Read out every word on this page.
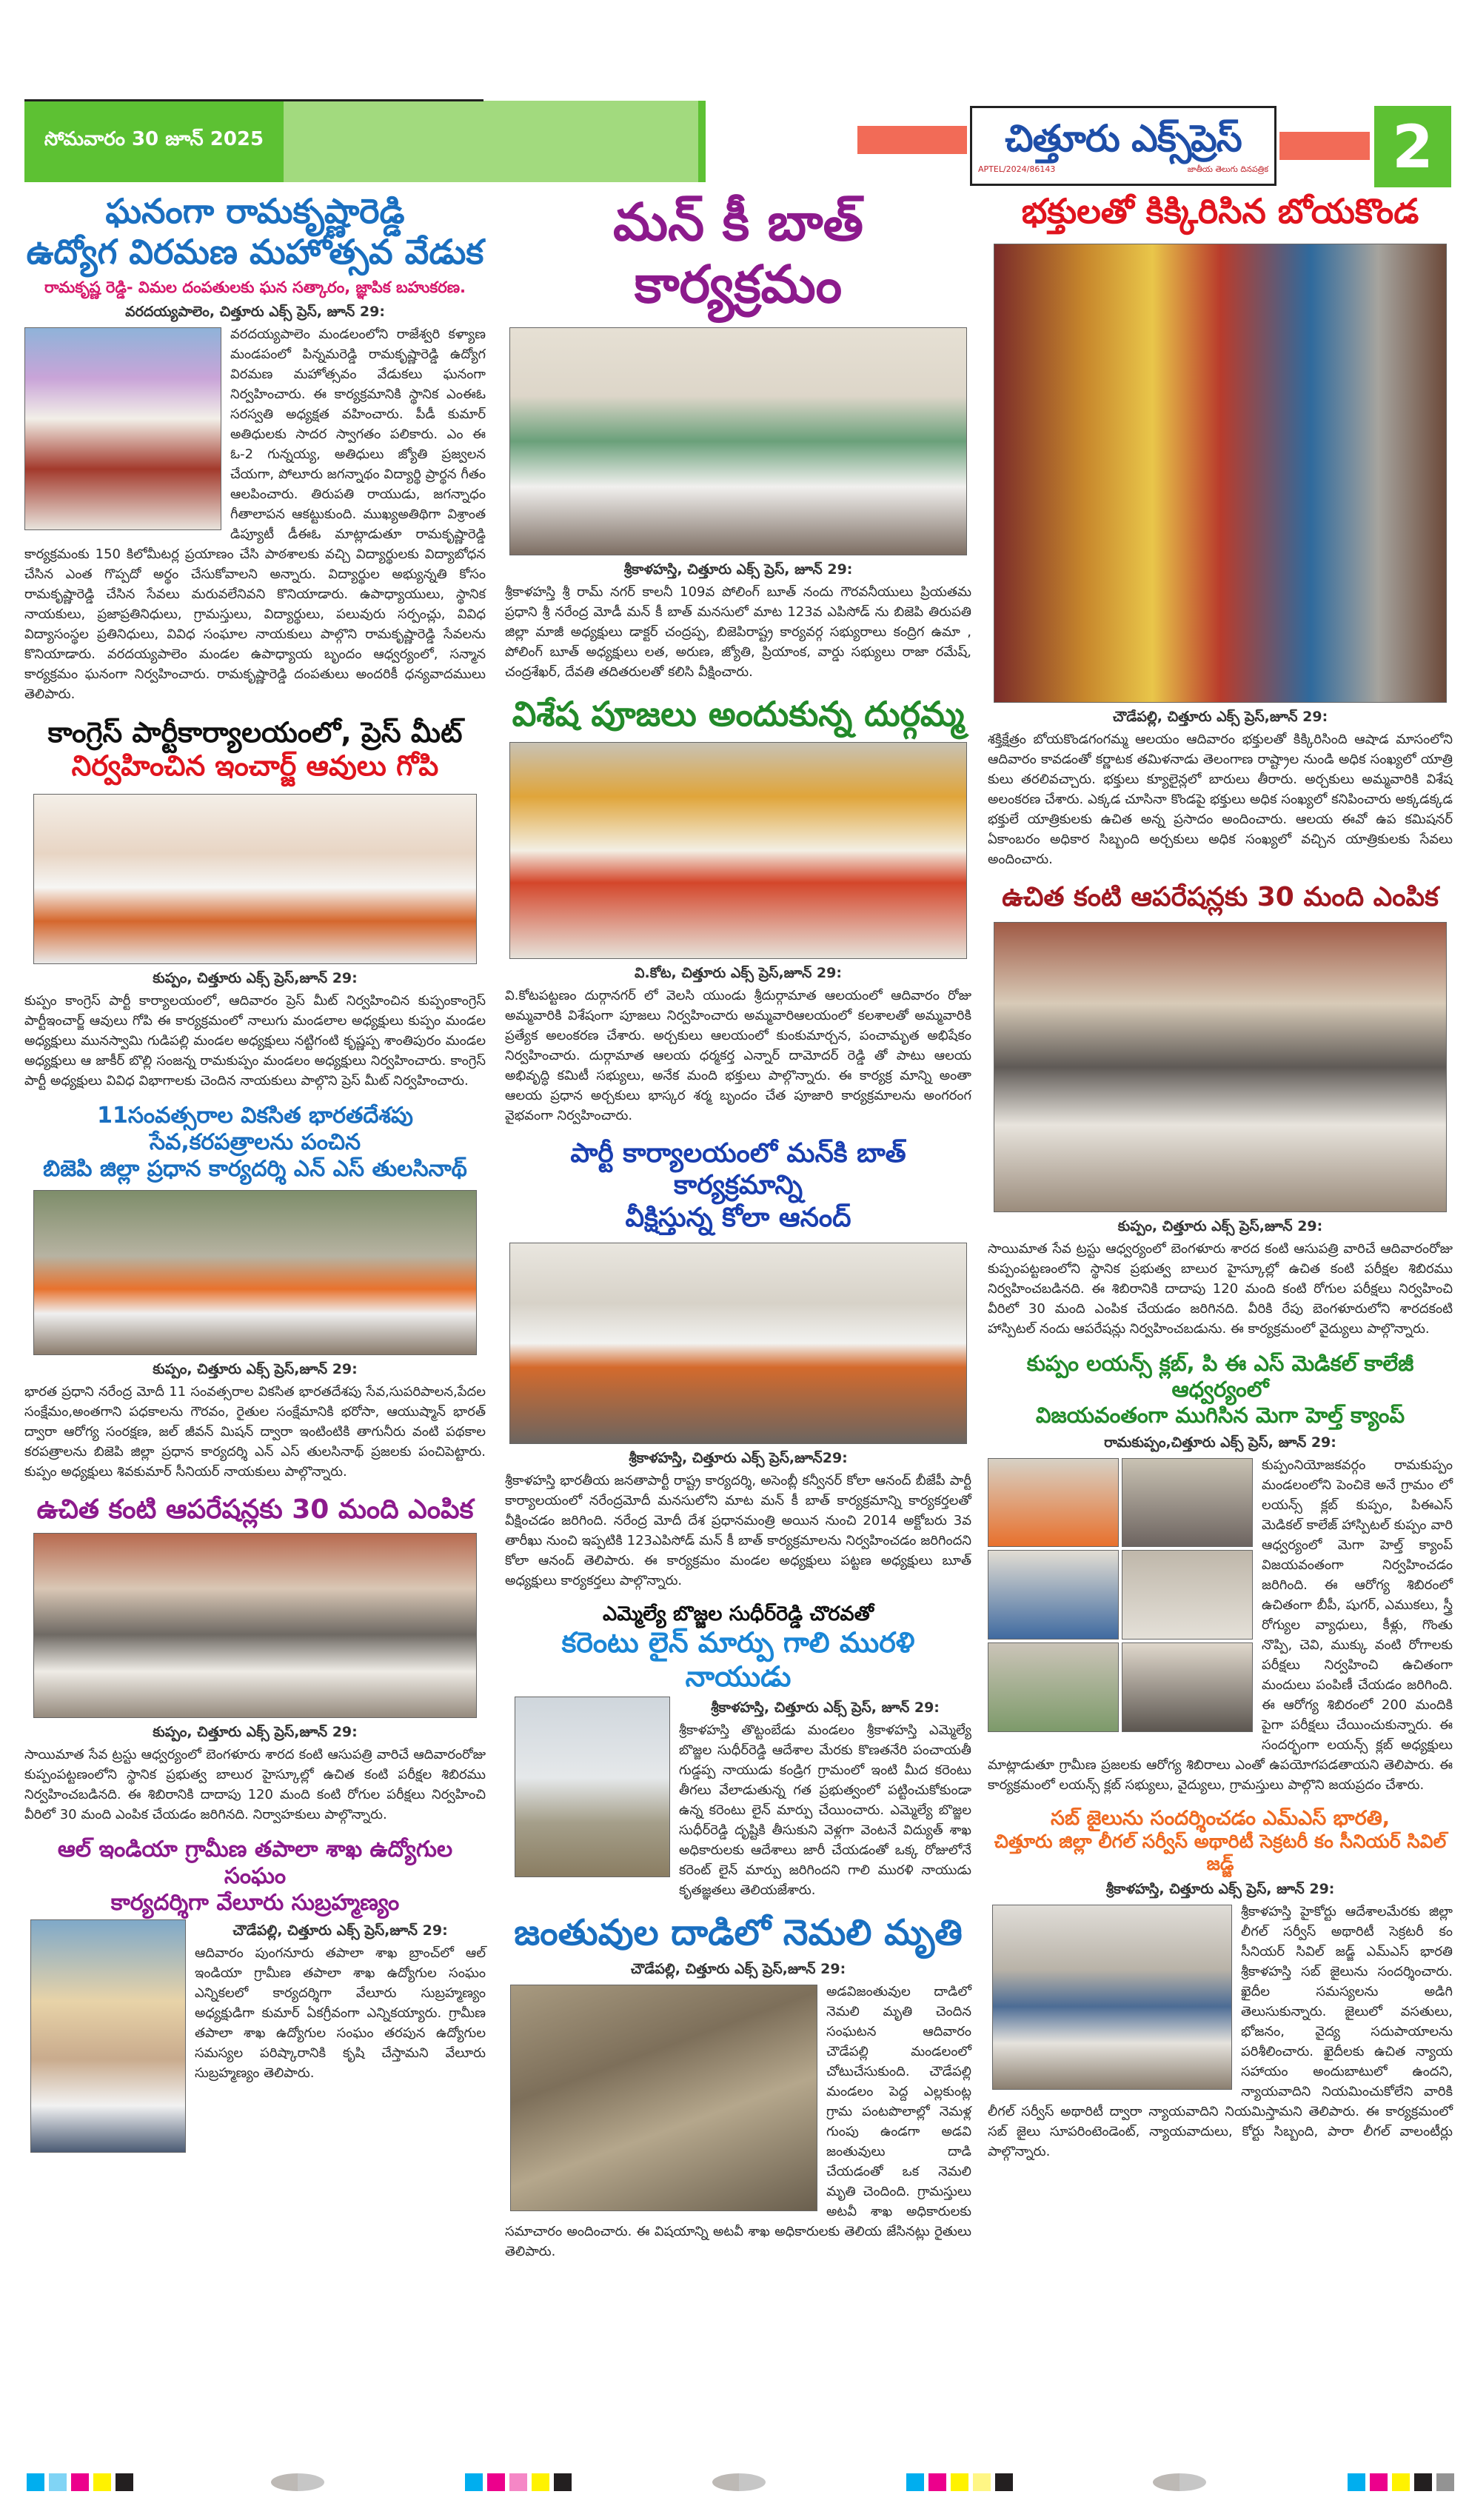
సోమవారం 30 జూన్ 2025	చిత్తూరు ఎక్స్‌ప్రెస్
APTEL/2024/86143	జాతీయ తెలుగు దినపత్రిక 2
ఘనంగా రామకృష్ణారెడ్డి
ఉద్యోగ విరమణ మహోత్సవ వేడుక
రామకృష్ణ రెడ్డి- విమల దంపతులకు ఘన సత్కారం, జ్ఞాపిక బహుకరణ.
వరదయ్యపాలెం, చిత్తూరు ఎక్స్ ప్రెస్, జూన్ 29:
వరదయ్యపాలెం మండలంలోని రాజేశ్వరి కళ్యాణ మండపంలో పిన్నమరెడ్డి రామకృష్ణారెడ్డి ఉద్యోగ విరమణ మహోత్సవం వేడుకలు ఘనంగా నిర్వహించారు. ఈ కార్యక్రమానికి స్థానిక ఎంఈఓ సరస్వతి అధ్యక్షత వహించారు. పీడీ కుమార్ అతిధులకు సాదర స్వాగతం పలికారు. ఎం ఈ ఓ-2 గున్నయ్య, అతిధులు జ్యోతి ప్రజ్వలన చేయగా, పోలూరు జగన్నాథం విద్యార్థి ప్రార్థన గీతం ఆలపించారు. తిరుపతి రాయుడు, జగన్నాధం గీతాలాపన ఆకట్టుకుంది. ముఖ్యఅతిథిగా విశ్రాంత డిప్యూటీ డీఈఓ మాట్లాడుతూ రామకృష్ణారెడ్డి కార్యక్రమంకు 150 కిలోమీటర్ల ప్రయాణం చేసి పాఠశాలకు వచ్చి విద్యార్థులకు విద్యాబోధన చేసిన ఎంత గొప్పదో అర్థం చేసుకోవాలని అన్నారు. విద్యార్థుల అభ్యున్నతి కోసం రామకృష్ణారెడ్డి చేసిన సేవలు మరువలేనివని కొనియాడారు. ఉపాధ్యాయులు, స్థానిక నాయకులు, ప్రజాప్రతినిధులు, గ్రామస్తులు, విద్యార్థులు, పలువురు సర్పంచ్లు, వివిధ విద్యాసంస్థల ప్రతినిధులు, వివిధ సంఘాల నాయకులు పాల్గొని రామకృష్ణారెడ్డి సేవలను కొనియాడారు. వరదయ్యపాలెం మండల ఉపాధ్యాయ బృందం ఆధ్వర్యంలో, సన్మాన కార్యక్రమం ఘనంగా నిర్వహించారు. రామకృష్ణారెడ్డి దంపతులు అందరికీ ధన్యవాదములు తెలిపారు.
కాంగ్రెస్ పార్టీకార్యాలయంలో, ప్రెస్ మీట్
నిర్వహించిన ఇంచార్జ్ ఆవులు గోపి
కుప్పం, చిత్తూరు ఎక్స్ ప్రెస్,జూన్ 29:
కుప్పం కాంగ్రెస్ పార్టీ కార్యాలయంలో, ఆదివారం ప్రెస్ మీట్ నిర్వహించిన కుప్పంకాంగ్రెస్ పార్టీఇంచార్జ్ ఆవులు గోపి ఈ కార్యక్రమంలో నాలుగు మండలాల అధ్యక్షులు కుప్పం మండల అధ్యక్షులు మునస్వామి గుడిపల్లి మండల అధ్యక్షులు నట్టిగంటి కృష్ణప్ప శాంతిపురం మండల అధ్యక్షులు ఆ జాకీర్ బొల్లి సంజన్న రామకుప్పం మండలం అధ్యక్షులు నిర్వహించారు. కాంగ్రెస్ పార్టీ అధ్యక్షులు వివిధ విభాగాలకు చెందిన నాయకులు పాల్గొని ప్రెస్ మీట్ నిర్వహించారు.
11సంవత్సరాల వికసిత భారతదేశపు
సేవ,కరపత్రాలను పంచిన
బిజెపి జిల్లా ప్రధాన కార్యదర్శి ఎన్ ఎస్ తులసినాథ్
కుప్పం, చిత్తూరు ఎక్స్ ప్రెస్,జూన్ 29:
భారత ప్రధాని నరేంద్ర మోదీ 11 సంవత్సరాల వికసిత భారతదేశపు సేవ,సుపరిపాలన,పేదల సంక్షేమం,అంతగాని పధకాలను గౌరవం, రైతుల సంక్షేమానికి భరోసా, ఆయుష్మాన్ భారత్ ద్వారా ఆరోగ్య సంరక్షణ, జల్ జీవన్ మిషన్ ద్వారా ఇంటింటికి తాగునీరు వంటి పథకాల కరపత్రాలను బిజెపి జిల్లా ప్రధాన కార్యదర్శి ఎన్ ఎస్ తులసినాథ్ ప్రజలకు పంచిపెట్టారు. కుప్పం అధ్యక్షులు శివకుమార్ సీనియర్ నాయకులు పాల్గొన్నారు.
ఉచిత కంటి ఆపరేషన్లకు 30 మంది ఎంపిక
కుప్పం, చిత్తూరు ఎక్స్ ప్రెస్,జూన్ 29:
సాయిమాత సేవ ట్రస్టు ఆధ్వర్యంలో బెంగళూరు శారద కంటి ఆసుపత్రి వారిచే ఆదివారంరోజు కుప్పంపట్టణంలోని స్థానిక ప్రభుత్వ బాలుర హైస్కూల్లో ఉచిత కంటి పరీక్షల శిబిరము నిర్వహించబడినది. ఈ శిబిరానికి దాదాపు 120 మంది కంటి రోగుల పరీక్షలు నిర్వహించి వీరిలో 30 మంది ఎంపిక చేయడం జరిగినది. నిర్వాహకులు పాల్గొన్నారు.
ఆల్ ఇండియా గ్రామీణ తపాలా శాఖ ఉద్యోగుల సంఘం
కార్యదర్శిగా వేలూరు సుబ్రహ్మణ్యం
చౌడేపల్లి, చిత్తూరు ఎక్స్ ప్రెస్,జూన్ 29:
ఆదివారం పుంగనూరు తపాలా శాఖ బ్రాంచ్‌లో ఆల్ ఇండియా గ్రామీణ తపాలా శాఖ ఉద్యోగుల సంఘం ఎన్నికలలో కార్యదర్శిగా వేలూరు సుబ్రహ్మణ్యం అధ్యక్షుడిగా కుమార్ ఏకగ్రీవంగా ఎన్నికయ్యారు. గ్రామీణ తపాలా శాఖ ఉద్యోగుల సంఘం తరపున ఉద్యోగుల సమస్యల పరిష్కారానికి కృషి చేస్తామని వేలూరు సుబ్రహ్మణ్యం తెలిపారు.
మన్ కీ బాత్ కార్యక్రమం
శ్రీకాళహస్తి, చిత్తూరు ఎక్స్ ప్రెస్, జూన్ 29:
శ్రీకాళహస్తి శ్రీ రామ్ నగర్ కాలనీ 109వ పోలింగ్ బూత్ నందు గౌరవనీయులు ప్రియతమ ప్రధాని శ్రీ నరేంద్ర మోడీ మన్ కీ బాత్ మనసులో మాట 123వ ఎపిసోడ్ ను బిజెపి తిరుపతి జిల్లా మాజీ అధ్యక్షులు డాక్టర్ చంద్రప్ప, బిజెపిరాష్ట్ర కార్యవర్గ సభ్యురాలు కంద్రిగ ఉమా , పోలింగ్ బూత్ అధ్యక్షులు లత, అరుణ, జ్యోతి, ప్రియాంక, వార్డు సభ్యులు రాజా రమేష్, చంద్రశేఖర్, దేవతి తదితరులతో కలిసి వీక్షించారు.
విశేష పూజలు అందుకున్న దుర్గమ్మ
వి.కోట, చిత్తూరు ఎక్స్ ప్రెస్,జూన్ 29:
వి.కోటపట్టణం దుర్గానగర్ లో వెలసి యుండు శ్రీదుర్గామాత ఆలయంలో ఆదివారం రోజు అమ్మవారికి విశేషంగా పూజలు నిర్వహించారు అమ్మవారిఆలయంలో కలశాలతో అమ్మవారికి ప్రత్యేక అలంకరణ చేశారు. అర్చకులు ఆలయంలో కుంకుమార్చన, పంచామృత అభిషేకం నిర్వహించారు. దుర్గామాత ఆలయ ధర్మకర్త ఎన్నార్ దామోదర్ రెడ్డి తో పాటు ఆలయ అభివృద్ధి కమిటీ సభ్యులు, అనేక మంది భక్తులు పాల్గొన్నారు. ఈ కార్యక్ర మాన్ని అంతా ఆలయ ప్రధాన అర్చకులు భాస్కర శర్మ బృందం చేత పూజారి కార్యక్రమాలను అంగరంగ వైభవంగా నిర్వహించారు.
పార్టీ కార్యాలయంలో మన్‌కి బాత్ కార్యక్రమాన్ని
వీక్షిస్తున్న కోలా ఆనంద్
శ్రీకాళహస్తి, చిత్తూరు ఎక్స్ ప్రెస్,జూన్29:
శ్రీకాళహస్తి భారతీయ జనతాపార్టీ రాష్ట్ర కార్యదర్శి, అసెంబ్లీ కన్వీనర్ కోలా ఆనంద్ బీజేపీ పార్టీ కార్యాలయంలో నరేంద్రమోదీ మనసులోని మాట మన్ కీ బాత్ కార్యక్రమాన్ని కార్యకర్తలతో వీక్షించడం జరిగింది. నరేంద్ర మోదీ దేశ ప్రధానమంత్రి అయిన నుంచి 2014 అక్టోబరు 3వ తారీఖు నుంచి ఇప్పటికి 123ఎపిసోడ్ మన్ కీ బాత్ కార్యక్రమాలను నిర్వహించడం జరిగిందని కోలా ఆనంద్ తెలిపారు. ఈ కార్యక్రమం మండల అధ్యక్షులు పట్టణ అధ్యక్షులు బూత్ అధ్యక్షులు కార్యకర్తలు పాల్గొన్నారు.
ఎమ్మెల్యే బొజ్జల సుధీర్‌రెడ్డి చొరవతో
కరెంటు లైన్ మార్పు గాలి మురళి నాయుడు
శ్రీకాళహస్తి, చిత్తూరు ఎక్స్ ప్రెస్, జూన్ 29:
శ్రీకాళహస్తి తొట్టంబేడు మండలం శ్రీకాళహస్తి ఎమ్మెల్యే బొజ్జల సుధీర్‌రెడ్డి ఆదేశాల మేరకు కొణతనేరి పంచాయతీ గుడ్డప్ప నాయుడు కండ్రిగ గ్రామంలో ఇంటి మీద కరెంటు తీగలు వేలాడుతున్న గత ప్రభుత్వంలో పట్టించుకోకుండా ఉన్న కరెంటు లైన్ మార్పు చేయించారు. ఎమ్మెల్యే బొజ్జల సుధీర్‌రెడ్డి దృష్టికి తీసుకుని వెళ్లగా వెంటనే విద్యుత్ శాఖ అధికారులకు ఆదేశాలు జారీ చేయడంతో ఒక్క రోజులోనే కరెంట్ లైన్ మార్పు జరిగిందని గాలి మురళి నాయుడు కృతజ్ఞతలు తెలియజేశారు.
జంతువుల దాడిలో నెమలి మృతి
చౌడేపల్లి, చిత్తూరు ఎక్స్ ప్రెస్,జూన్ 29:
అడవిజంతువుల దాడిలో నెమలి మృతి చెందిన సంఘటన ఆదివారం చౌడేపల్లి మండలంలో చోటుచేసుకుంది. చౌడేపల్లి మండలం పెద్ద ఎల్లకుంట్ల గ్రామ పంటపొలాల్లో నెమళ్ల గుంపు ఉండగా అడవి జంతువులు దాడి చేయడంతో ఒక నెమలి మృతి చెందింది. గ్రామస్తులు అటవీ శాఖ అధికారులకు సమాచారం అందించారు. ఈ విషయాన్ని అటవీ శాఖ అధికారులకు తెలియ జేసినట్లు రైతులు తెలిపారు.
భక్తులతో కిక్కిరిసిన బోయకొండ
చౌడేపల్లి, చిత్తూరు ఎక్స్ ప్రెస్,జూన్ 29:
శక్తిక్షేత్రం బోయకొండగంగమ్మ ఆలయం ఆదివారం భక్తులతో కిక్కిరిసింది ఆషాడ మాసంలోని ఆదివారం కావడంతో కర్ణాటక తమిళనాడు తెలంగాణ రాష్ట్రాల నుండి అధిక సంఖ్యలో యాత్రి కులు తరలివచ్చారు. భక్తులు క్యూలైన్లలో బారులు తీరారు. అర్చకులు అమ్మవారికి విశేష అలంకరణ చేశారు. ఎక్కడ చూసినా కొండపై భక్తులు అధిక సంఖ్యలో కనిపించారు అక్కడక్కడ భక్తులే యాత్రికులకు ఉచిత అన్న ప్రసాదం అందించారు. ఆలయ ఈవో ఉప కమిషనర్ ఏకాంబరం అధికార సిబ్బంది అర్చకులు అధిక సంఖ్యలో వచ్చిన యాత్రికులకు సేవలు అందించారు.
ఉచిత కంటి ఆపరేషన్లకు 30 మంది ఎంపిక
కుప్పం, చిత్తూరు ఎక్స్ ప్రెస్,జూన్ 29:
సాయిమాత సేవ ట్రస్టు ఆధ్వర్యంలో బెంగళూరు శారద కంటి ఆసుపత్రి వారిచే ఆదివారంరోజు కుప్పంపట్టణంలోని స్థానిక ప్రభుత్వ బాలుర హైస్కూల్లో ఉచిత కంటి పరీక్షల శిబిరము నిర్వహించబడినది. ఈ శిబిరానికి దాదాపు 120 మంది కంటి రోగుల పరీక్షలు నిర్వహించి వీరిలో 30 మంది ఎంపిక చేయడం జరిగినది. వీరికి రేపు బెంగళూరులోని శారదకంటి హాస్పిటల్ నందు ఆపరేషన్లు నిర్వహించబడును. ఈ కార్యక్రమంలో వైద్యులు పాల్గొన్నారు.
కుప్పం లయన్స్ క్లబ్, పి ఈ ఎస్ మెడికల్ కాలేజీ ఆధ్వర్యంలో
విజయవంతంగా ముగిసిన మెగా హెల్త్ క్యాంప్
రామకుప్పం,చిత్తూరు ఎక్స్ ప్రెస్, జూన్ 29:
కుప్పంనియోజకవర్గం రామకుప్పం మండలంలోని పెంచికె అనే గ్రామం లో లయన్స్ క్లబ్ కుప్పం, పిఈఎస్ మెడికల్ కాలేజ్ హాస్పిటల్ కుప్పం వారి ఆధ్వర్యంలో మెగా హెల్త్ క్యాంప్ విజయవంతంగా నిర్వహించడం జరిగింది. ఈ ఆరోగ్య శిబిరంలో ఉచితంగా బీపీ, షుగర్, ఎముకలు, స్త్రీ రోగ్యుల వ్యాధులు, కీళ్లు, గొంతు నొప్పి, చెవి, ముక్కు వంటి రోగాలకు పరీక్షలు నిర్వహించి ఉచితంగా మందులు పంపిణీ చేయడం జరిగింది. ఈ ఆరోగ్య శిబిరంలో 200 మందికి పైగా పరీక్షలు చేయించుకున్నారు. ఈ సందర్భంగా లయన్స్ క్లబ్ అధ్యక్షులు మాట్లాడుతూ గ్రామీణ ప్రజలకు ఆరోగ్య శిబిరాలు ఎంతో ఉపయోగపడతాయని తెలిపారు. ఈ కార్యక్రమంలో లయన్స్ క్లబ్ సభ్యులు, వైద్యులు, గ్రామస్తులు పాల్గొని జయప్రదం చేశారు.
సబ్ జైలును సందర్శించడం ఎమ్ఎస్ భారతి,
చిత్తూరు జిల్లా లీగల్ సర్వీస్ అథారిటీ సెక్రటరీ కం సీనియర్ సివిల్ జడ్జ్
శ్రీకాళహస్తి, చిత్తూరు ఎక్స్ ప్రెస్, జూన్ 29:
శ్రీకాళహస్తి హైకోర్టు ఆదేశాలమేరకు జిల్లా లీగల్ సర్వీస్ అథారిటీ సెక్రటరీ కం సీనియర్ సివిల్ జడ్జ్ ఎమ్ఎస్ భారతి శ్రీకాళహస్తి సబ్ జైలును సందర్శించారు. ఖైదీల సమస్యలను అడిగి తెలుసుకున్నారు. జైలులో వసతులు, భోజనం, వైద్య సదుపాయాలను పరిశీలించారు. ఖైదీలకు ఉచిత న్యాయ సహాయం అందుబాటులో ఉందని, న్యాయవాదిని నియమించుకోలేని వారికి లీగల్ సర్వీస్ అథారిటీ ద్వారా న్యాయవాదిని నియమిస్తామని తెలిపారు. ఈ కార్యక్రమంలో సబ్ జైలు సూపరింటెండెంట్, న్యాయవాదులు, కోర్టు సిబ్బంది, పారా లీగల్ వాలంటీర్లు పాల్గొన్నారు.
